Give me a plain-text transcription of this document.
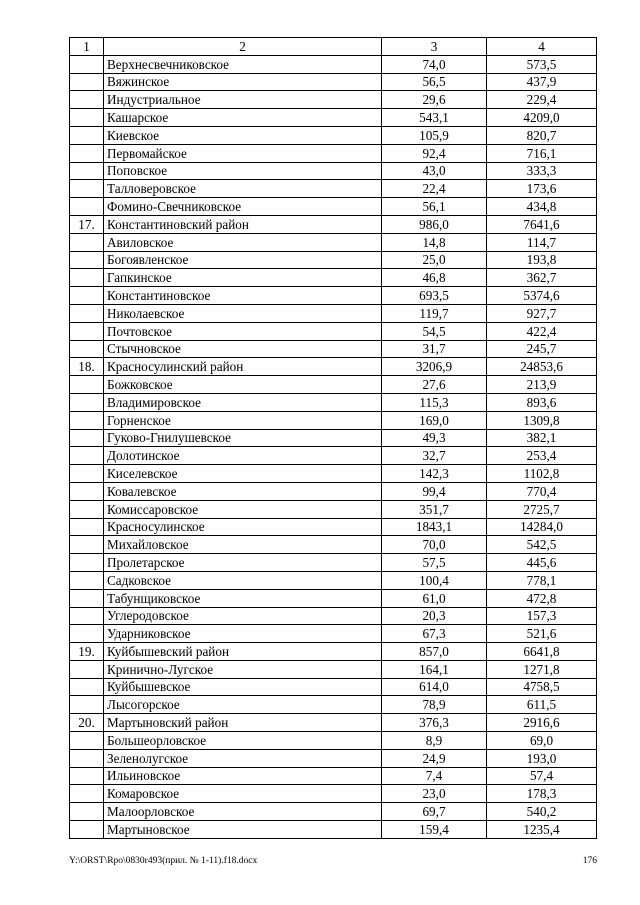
1	2	3	4
	Верхнесвечниковское	74,0	573,5
	Вяжинское	56,5	437,9
	Индустриальное	29,6	229,4
	Кашарское	543,1	4209,0
	Киевское	105,9	820,7
	Первомайское	92,4	716,1
	Поповское	43,0	333,3
	Талловеровское	22,4	173,6
	Фомино-Свечниковское	56,1	434,8
17.	Константиновский район	986,0	7641,6
	Авиловское	14,8	114,7
	Богоявленское	25,0	193,8
	Гапкинское	46,8	362,7
	Константиновское	693,5	5374,6
	Николаевское	119,7	927,7
	Почтовское	54,5	422,4
	Стычновское	31,7	245,7
18.	Красносулинский район	3206,9	24853,6
	Божковское	27,6	213,9
	Владимировское	115,3	893,6
	Горненское	169,0	1309,8
	Гуково-Гнилушевское	49,3	382,1
	Долотинское	32,7	253,4
	Киселевское	142,3	1102,8
	Ковалевское	99,4	770,4
	Комиссаровское	351,7	2725,7
	Красносулинское	1843,1	14284,0
	Михайловское	70,0	542,5
	Пролетарское	57,5	445,6
	Садковское	100,4	778,1
	Табунщиковское	61,0	472,8
	Углеродовское	20,3	157,3
	Ударниковское	67,3	521,6
19.	Куйбышевский район	857,0	6641,8
	Кринично-Лугское	164,1	1271,8
	Куйбышевское	614,0	4758,5
	Лысогорское	78,9	611,5
20.	Мартыновский район	376,3	2916,6
	Большеорловское	8,9	69,0
	Зеленолугское	24,9	193,0
	Ильиновское	7,4	57,4
	Комаровское	23,0	178,3
	Малоорловское	69,7	540,2
	Мартыновское	159,4	1235,4
Y:\ORST\Rpo\0830r493(прил. № 1-11).f18.docx	176
